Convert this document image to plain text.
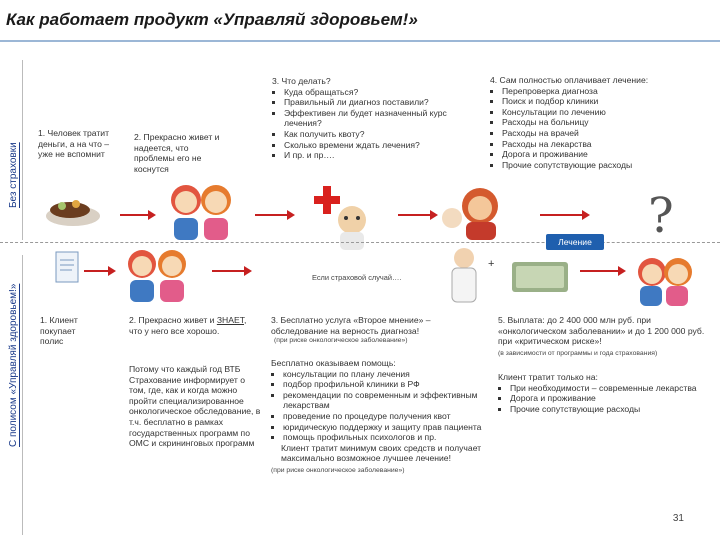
Как работает продукт «Управляй здоровьем!»
Без страховки
С полисом «Управляй здоровьем!»
1. Человек тратит деньги, а на что – уже не вспомнит
2. Прекрасно живет и надеется, что проблемы его не коснутся
3. Что делать?
▪ Куда обращаться?
▪ Правильный ли диагноз поставили?
▪ Эффективен ли будет назначенный курс лечения?
▪ Как получить квоту?
▪ Сколько времени ждать лечения?
▪ И пр. и пр….
4. Сам полностью оплачивает лечение:
▪ Перепроверка диагноза
▪ Поиск и подбор клиники
▪ Консультации по лечению
▪ Расходы на больницу
▪ Расходы на врачей
▪ Расходы на лекарства
▪ Дорога и проживание
▪ Прочие сопутствующие расходы
?
Лечение
Если страховой случай….
+
1. Клиент покупает полис
2. Прекрасно живет и ЗНАЕТ, что у него все хорошо.
Потому что каждый год ВТБ Страхование информирует о том, где, как и когда можно пройти специализированное онкологическое обследование, в т.ч. бесплатно в рамках государственных программ по ОМС и скрининговых программ
3. Бесплатно услуга «Второе мнение» – обследование на верность диагноза!
(при риске онкологическое заболевание»)
Бесплатно оказываем помощь:
▪ консультации по плану лечения
▪ подбор профильной клиники в РФ
▪ рекомендации по современным и эффективным лекарствам
▪ проведение по процедуре получения квот
▪ юридическую поддержку и защиту прав пациента
▪ помощь профильных психологов и пр.
Клиент тратит минимум своих средств и получает максимально возможное лучшее лечение!
(при риске онкологическое заболевание»)
5. Выплата: до 2 400 000 млн руб. при «онкологическом заболевании» и до 1 200 000 руб. при «критическом риске»!
(в зависимости от программы и года страхования)
Клиент тратит только на:
▪ При необходимости – современные лекарства
▪ Дорога и проживание
▪ Прочие сопутствующие расходы
31
